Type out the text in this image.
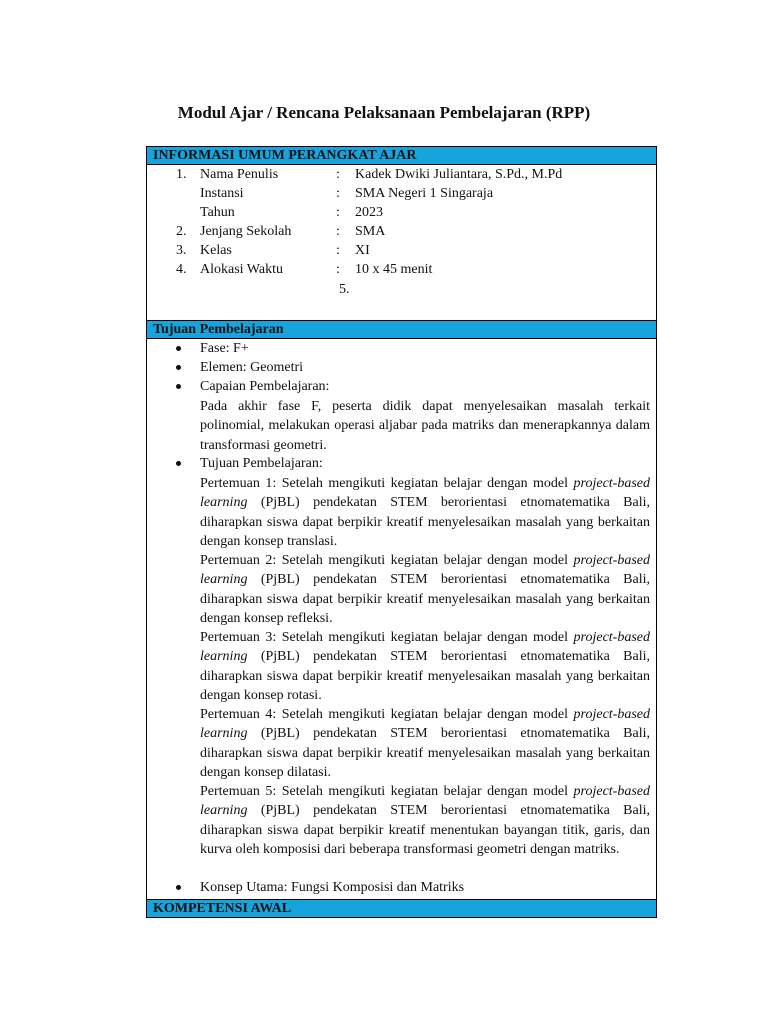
Modul Ajar / Rencana Pelaksanaan Pembelajaran (RPP)
INFORMASI UMUM PERANGKAT AJAR
1. Nama Penulis	: Kadek Dwiki Juliantara, S.Pd., M.Pd
Instansi	: SMA Negeri 1 Singaraja
Tahun	: 2023
2. Jenjang Sekolah	: SMA
3. Kelas	: XI
4. Alokasi Waktu	: 10 x 45 menit
5.
Tujuan Pembelajaran
Fase: F+
Elemen: Geometri
Capaian Pembelajaran:

Pada akhir fase F, peserta didik dapat menyelesaikan masalah terkait polinomial, melakukan operasi aljabar pada matriks dan menerapkannya dalam transformasi geometri.

Tujuan Pembelajaran:

Pertemuan 1: Setelah mengikuti kegiatan belajar dengan model project-based learning (PjBL) pendekatan STEM berorientasi etnomatematika Bali, diharapkan siswa dapat berpikir kreatif menyelesaikan masalah yang berkaitan dengan konsep translasi.

Pertemuan 2: Setelah mengikuti kegiatan belajar dengan model project-based learning (PjBL) pendekatan STEM berorientasi etnomatematika Bali, diharapkan siswa dapat berpikir kreatif menyelesaikan masalah yang berkaitan dengan konsep refleksi.

Pertemuan 3: Setelah mengikuti kegiatan belajar dengan model project-based learning (PjBL) pendekatan STEM berorientasi etnomatematika Bali, diharapkan siswa dapat berpikir kreatif menyelesaikan masalah yang berkaitan dengan konsep rotasi.

Pertemuan 4: Setelah mengikuti kegiatan belajar dengan model project-based learning (PjBL) pendekatan STEM berorientasi etnomatematika Bali, diharapkan siswa dapat berpikir kreatif menyelesaikan masalah yang berkaitan dengan konsep dilatasi.

Pertemuan 5: Setelah mengikuti kegiatan belajar dengan model project-based learning (PjBL) pendekatan STEM berorientasi etnomatematika Bali, diharapkan siswa dapat berpikir kreatif menentukan bayangan titik, garis, dan kurva oleh komposisi dari beberapa transformasi geometri dengan matriks.

Konsep Utama: Fungsi Komposisi dan Matriks
KOMPETENSI AWAL
